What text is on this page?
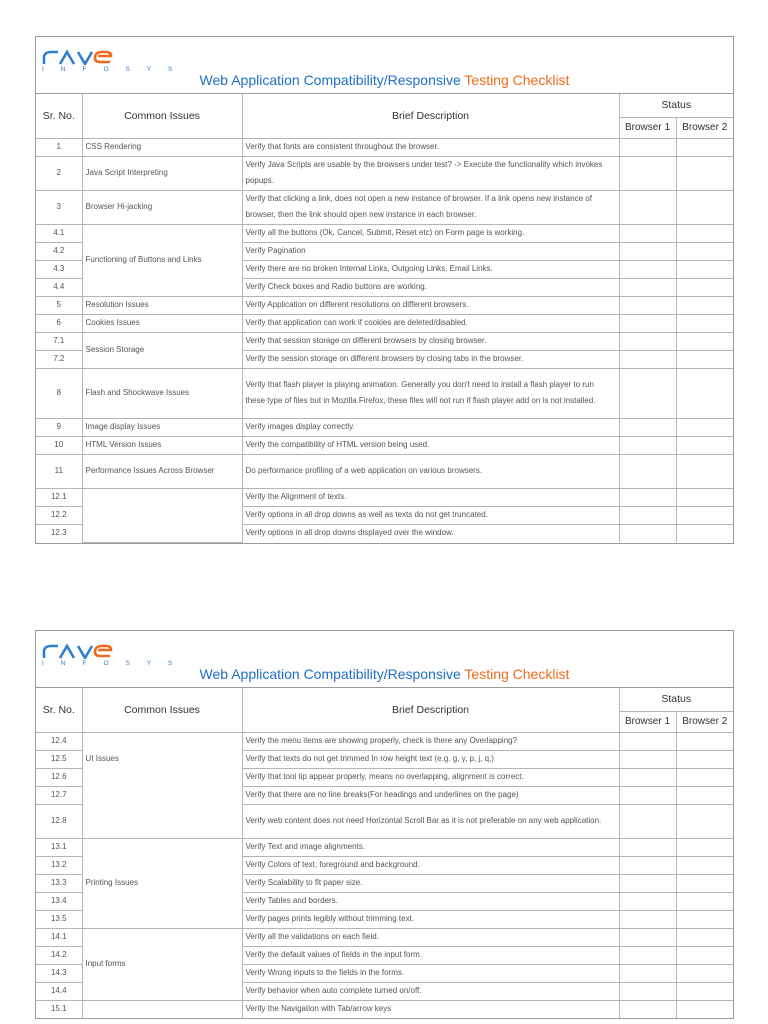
I N F O S Y S
Web Application Compatibility/Responsive Testing Checklist
Sr. No.	Common Issues	Brief Description	Status	
			Browser 1	Browser 2
1	CSS Rendering	Verify that fonts are consistent throughout the browser.		
2	Java Script Interpreting	Verify Java Scripts are usable by the browsers under test? -> Execute the functionality which invokes popups.		
3	Browser Hi-jacking	Verify that clicking a link, does not open a new instance of browser. If a link opens new instance of browser, then the link should open new instance in each browser.		
4.1	Functioning of Buttons and Links	Verify all the buttons (Ok, Cancel, Submit, Reset etc) on Form page is working.		
4.2		Verify Pagination		
4.3		Verify there are no broken Internal Links, Outgoing Links, Email Links.		
4.4		Verify Check boxes and Radio buttons are working.		
5	Resolution Issues	Verify Application on different resolutions on different browsers.		
6	Cookies Issues	Verify that application can work if cookies are deleted/disabled.		
7.1	Session Storage	Verify that session storage on different browsers by closing browser.		
7.2		Verify the session storage on different browsers by closing tabs in the browser.		
8	Flash and Shockwave Issues	Verify that flash player is playing animation. Generally you don't need to install a flash player to run these type of files but in Mozilla Firefox, these files will not run if flash player add on is not installed.		
9	Image display Issues	Verify images display correctly.		
10	HTML Version Issues	Verify the compatibility of HTML version being used.		
11	Performance Issues Across Browser	Do performance profiling of a web application on various browsers.		
12.1		Verify the Alignment of texts.		
12.2		Verify options in all drop downs as well as texts do not get truncated.		
12.3		Verify options in all drop downs displayed over the window.		
I N F O S Y S
Web Application Compatibility/Responsive Testing Checklist
Sr. No.	Common Issues	Brief Description	Status	
			Browser 1	Browser 2
12.4	UI Issues	Verify the menu items are showing properly, check is there any Overlapping?		
12.5		Verify that texts do not get trimmed In row height text (e.g. g, y, p, j, q,)		
12.6		Verify that tool tip appear properly, means no overlapping, alignment is correct.		
12.7		Verify that there are no line breaks(For headings and underlines on the page)		
12.8		Verify web content does not need Horizontal Scroll Bar as it is not preferable on any web application.		
13.1	Printing Issues	Verify Text and image alignments.		
13.2		Verify Colors of text, foreground and background.		
13.3		Verify Scalability to fit paper size.		
13.4		Verify Tables and borders.		
13.5		Verify pages prints legibly without trimming text.		
14.1	Input forms	Verify all the validations on each field.		
14.2		Verify the default values of fields in the input form.		
14.3		Verify Wrong inputs to the fields in the forms.		
14.4		Verify behavior when auto complete turned on/off.		
15.1		Verify the Navigation with Tab/arrow keys		
